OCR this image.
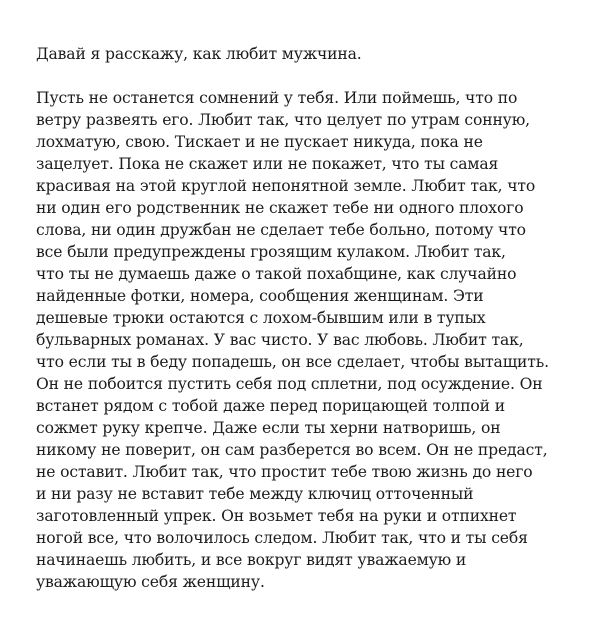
Давай я расскажу, как любит мужчина.
Пусть не останется сомнений у тебя. Или поймешь, что по
ветру развеять его. Любит так, что целует по утрам сонную,
лохматую, свою. Тискает и не пускает никуда, пока не
зацелует. Пока не скажет или не покажет, что ты самая
красивая на этой круглой непонятной земле. Любит так, что
ни один его родственник не скажет тебе ни одного плохого
слова, ни один дружбан не сделает тебе больно, потому что
все были предупреждены грозящим кулаком. Любит так,
что ты не думаешь даже о такой похабщине, как случайно
найденные фотки, номера, сообщения женщинам. Эти
дешевые трюки остаются с лохом-бывшим или в тупых
бульварных романах. У вас чисто. У вас любовь. Любит так,
что если ты в беду попадешь, он все сделает, чтобы вытащить.
Он не побоится пустить себя под сплетни, под осуждение. Он
встанет рядом с тобой даже перед порицающей толпой и
сожмет руку крепче. Даже если ты херни натворишь, он
никому не поверит, он сам разберется во всем. Он не предаст,
не оставит. Любит так, что простит тебе твою жизнь до него
и ни разу не вставит тебе между ключиц отточенный
заготовленный упрек. Он возьмет тебя на руки и отпихнет
ногой все, что волочилось следом. Любит так, что и ты себя
начинаешь любить, и все вокруг видят уважаемую и
уважающую себя женщину.
